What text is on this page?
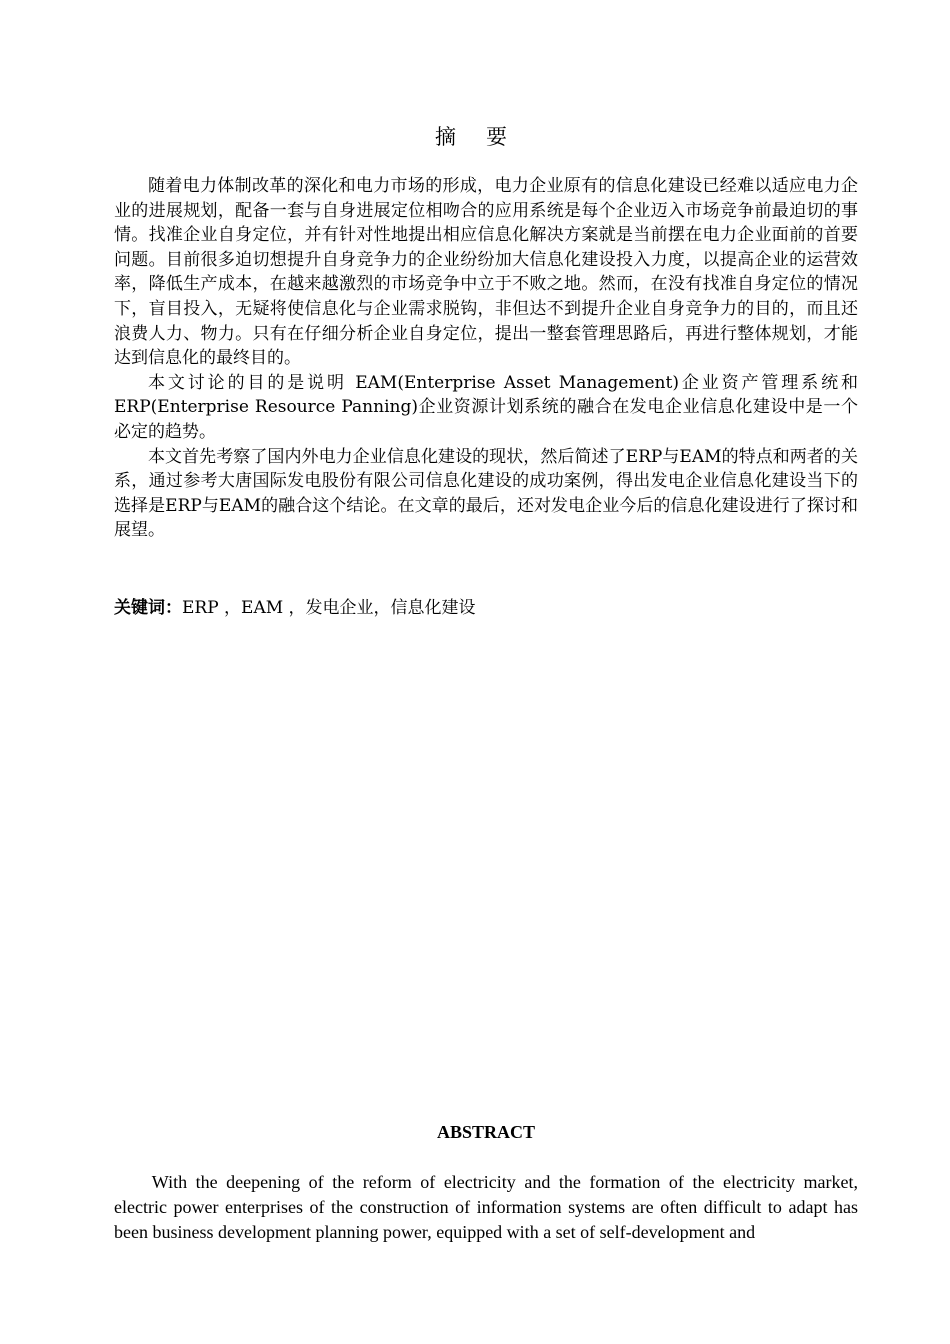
摘要

随着电力体制改革的深化和电力市场的形成，电力企业原有的信息化建设已经难以适应电力企业的进展规划，配备一套与自身进展定位相吻合的应用系统是每个企业迈入市场竞争前最迫切的事情。找准企业自身定位，并有针对性地提出相应信息化解决方案就是当前摆在电力企业面前的首要问题。目前很多迫切想提升自身竞争力的企业纷纷加大信息化建设投入力度，以提高企业的运营效率，降低生产成本，在越来越激烈的市场竞争中立于不败之地。然而，在没有找准自身定位的情况下，盲目投入，无疑将使信息化与企业需求脱钩，非但达不到提升企业自身竞争力的目的，而且还浪费人力、物力。只有在仔细分析企业自身定位，提出一整套管理思路后，再进行整体规划，才能达到信息化的最终目的。

本文讨论的目的是说明 EAM(Enterprise Asset Management)企业资产管理系统和ERP(Enterprise Resource Panning)企业资源计划系统的融合在发电企业信息化建设中是一个必定的趋势。

本文首先考察了国内外电力企业信息化建设的现状，然后简述了ERP与EAM的特点和两者的关系，通过参考大唐国际发电股份有限公司信息化建设的成功案例，得出发电企业信息化建设当下的选择是ERP与EAM的融合这个结论。在文章的最后，还对发电企业今后的信息化建设进行了探讨和展望。

关键词：ERP ，EAM ，发电企业，信息化建设
ABSTRACT

With the deepening of the reform of electricity and the formation of the electricity market, electric power enterprises of the construction of information systems are often difficult to adapt has been business development planning power, equipped with a set of self-development and
